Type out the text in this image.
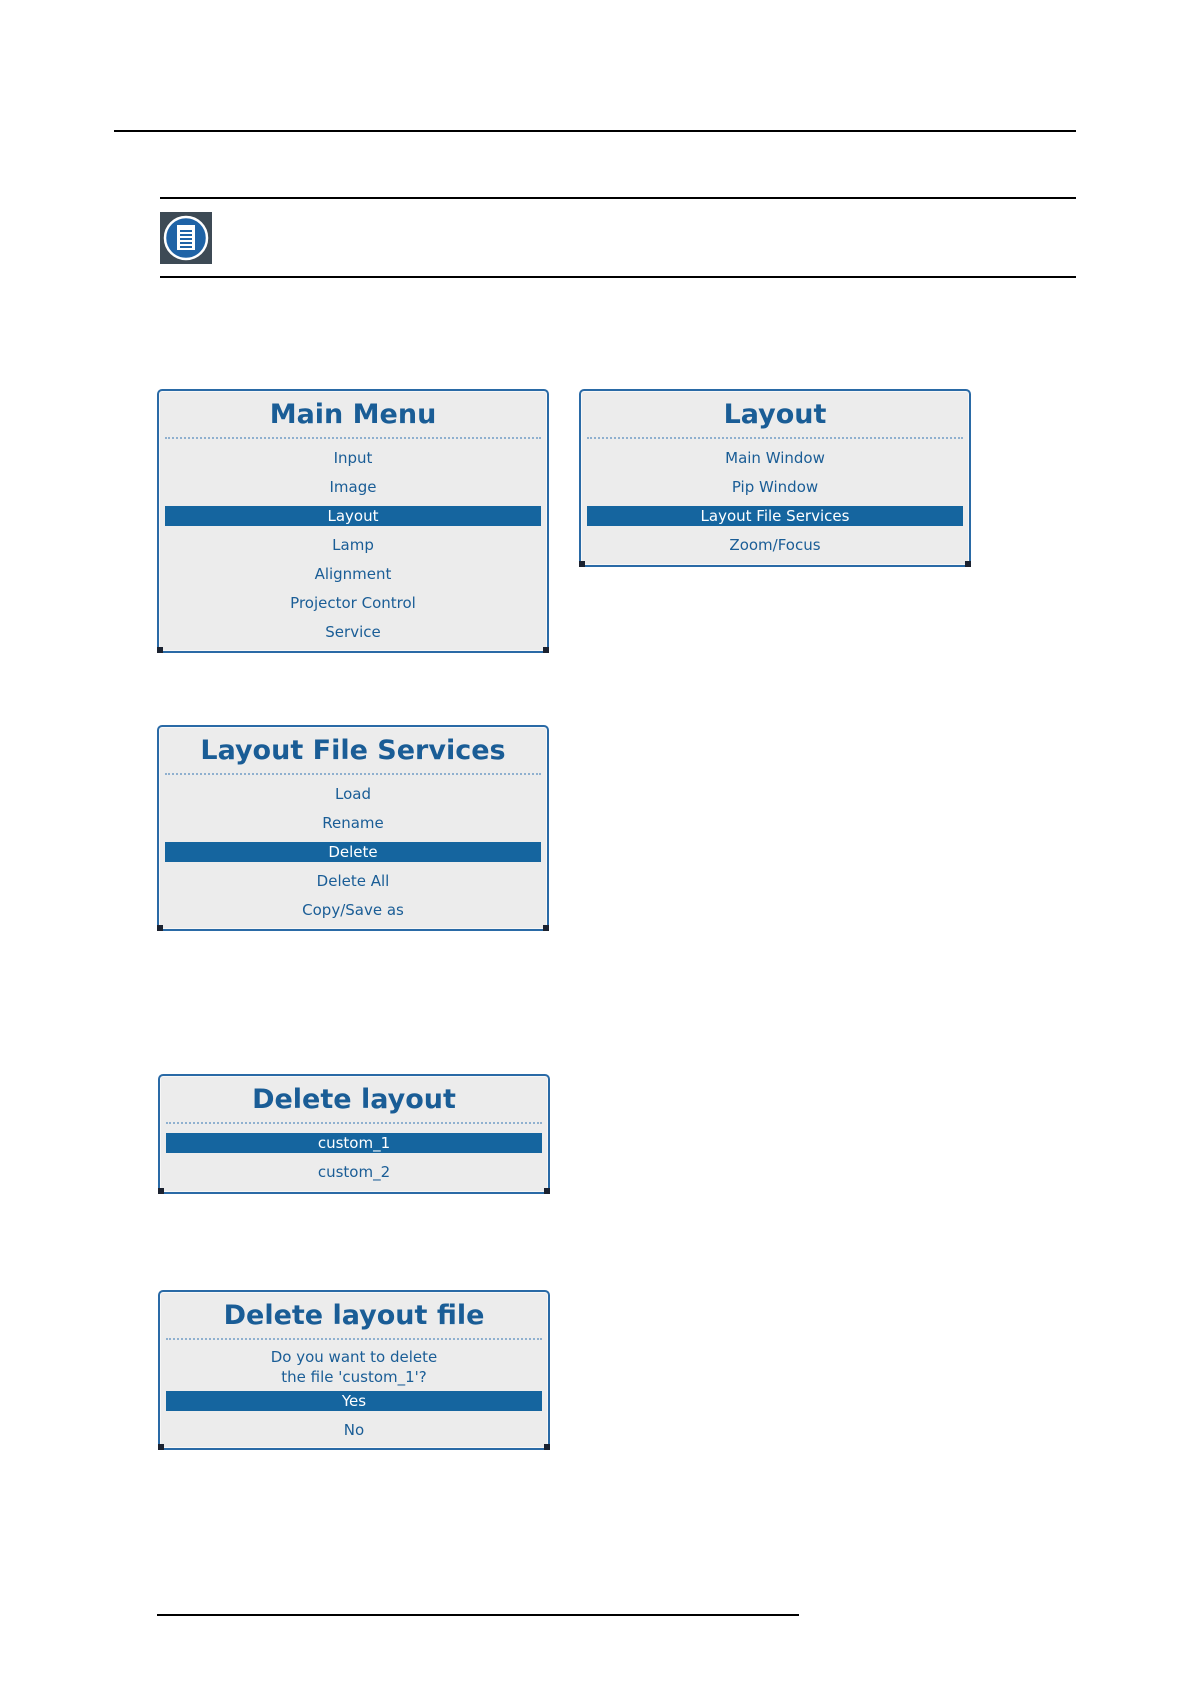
Main Menu
Input
Image
Layout
Lamp
Alignment
Projector Control
Service
Layout
Main Window
Pip Window
Layout File Services
Zoom/Focus
Layout File Services
Load
Rename
Delete
Delete All
Copy/Save as
Delete layout
custom_1
custom_2
Delete layout file
Do you want to delete
the file 'custom_1'?
Yes
No
